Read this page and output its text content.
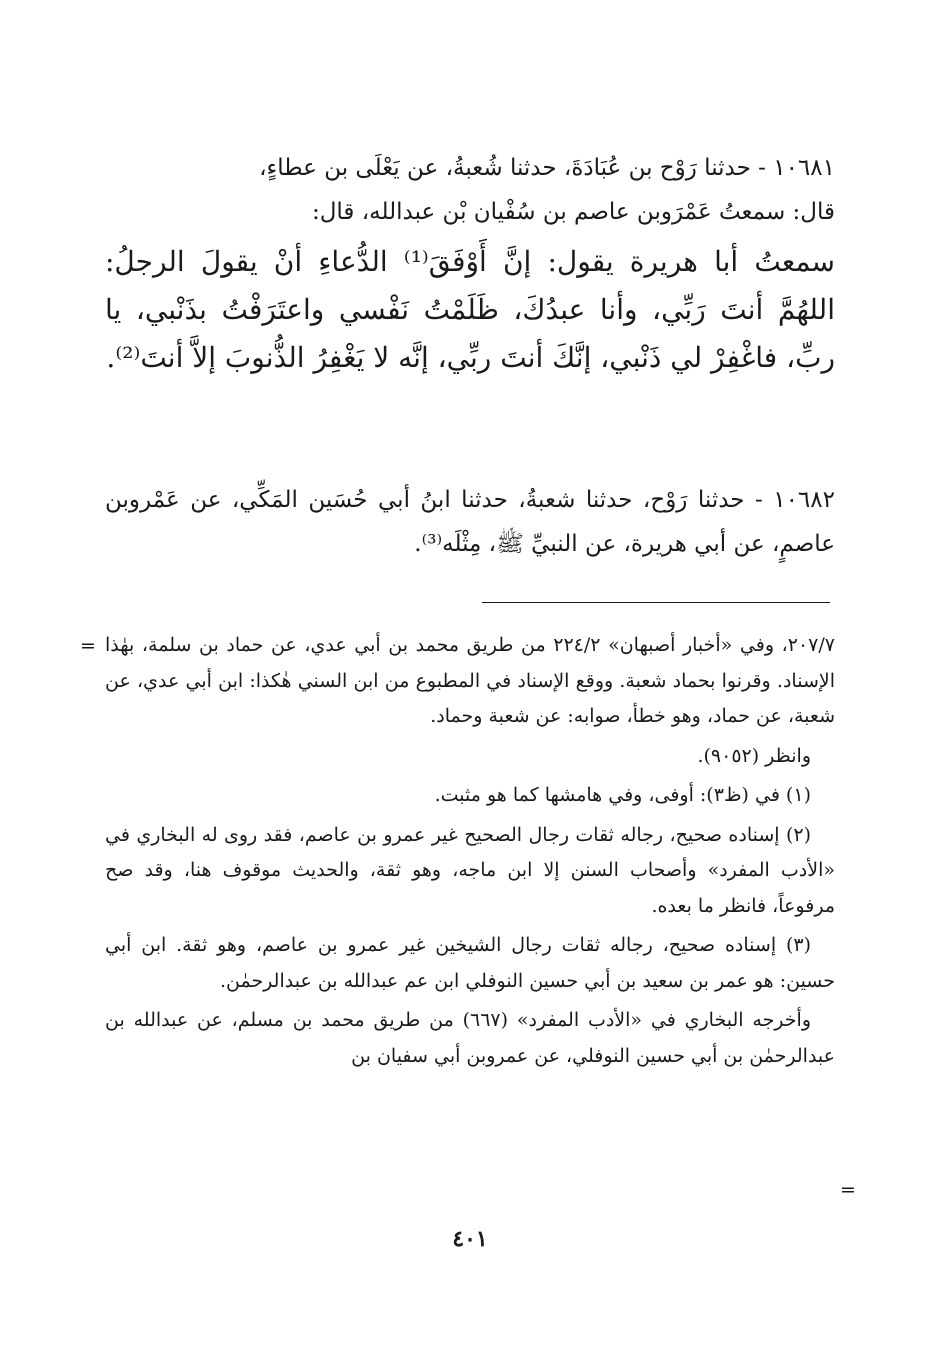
١٠٦٨١ - حدثنا رَوْح بن عُبَادَةَ، حدثنا شُعبةُ، عن يَعْلَى بن عطاءٍ،

قال: سمعتُ عَمْرَوبن عاصم بن سُفْيان بْن عبدالله، قال:

سمعتُ أبا هريرة يقول: إنَّ أَوْفَقَ⁽¹⁾ الدُّعاءِ أنْ يقولَ الرجلُ: اللهُمَّ أنتَ رَبِّي، وأنا عبدُكَ، ظَلَمْتُ نَفْسي واعتَرَفْتُ بذَنْبي، يا ربِّ، فاغْفِرْ لي ذَنْبي، إنَّكَ أنتَ ربِّي، إنَّه لا يَغْفِرُ الذُّنوبَ إلاَّ أنتَ⁽²⁾.

١٠٦٨٢ - حدثنا رَوْح، حدثنا شعبةُ، حدثنا ابنُ أبي حُسَين المَكِّي، عن عَمْروبن عاصمٍ، عن أبي هريرة، عن النبيِّ ﷺ، مِثْلَه⁽³⁾.

= ٢٠٧/٧، وفي «أخبار أصبهان» ٢٢٤/٢ من طريق محمد بن أبي عدي، عن حماد بن سلمة، بهٰذا الإسناد. وقرنوا بحماد شعبة. ووقع الإسناد في المطبوع من ابن السني هٰكذا: ابن أبي عدي، عن شعبة، عن حماد، وهو خطأ، صوابه: عن شعبة وحماد.

وانظر (٩٠٥٢).

(١) في (ظ٣): أوفى، وفي هامشها كما هو مثبت.

(٢) إسناده صحيح، رجاله ثقات رجال الصحيح غير عمرو بن عاصم، فقد روى له البخاري في «الأدب المفرد» وأصحاب السنن إلا ابن ماجه، وهو ثقة، والحديث موقوف هنا، وقد صح مرفوعاً، فانظر ما بعده.

(٣) إسناده صحيح، رجاله ثقات رجال الشيخين غير عمرو بن عاصم، وهو ثقة. ابن أبي حسين: هو عمر بن سعيد بن أبي حسين النوفلي ابن عم عبدالله بن عبدالرحمٰن.

وأخرجه البخاري في «الأدب المفرد» (٦٦٧) من طريق محمد بن مسلم، عن عبدالله بن عبدالرحمٰن بن أبي حسين النوفلي، عن عمروبن أبي سفيان بن

=
٤٠١
